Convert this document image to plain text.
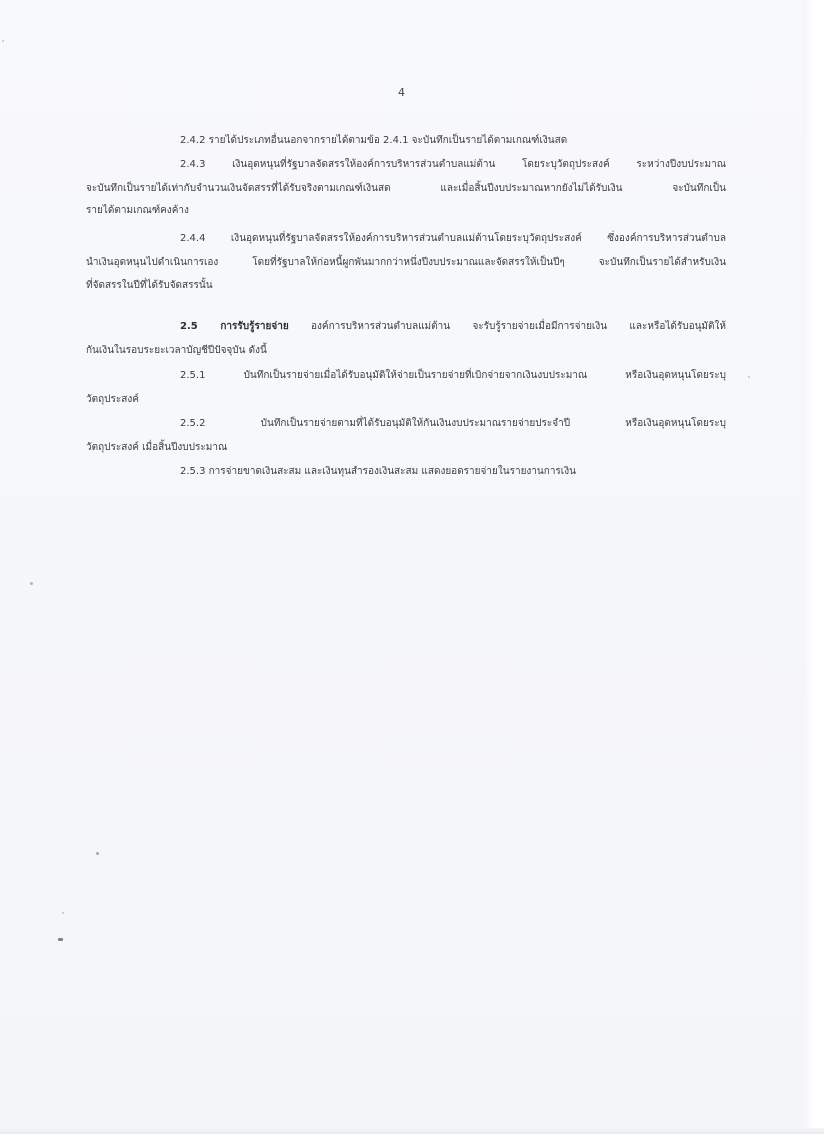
4
2.4.2 รายได้ประเภทอื่นนอกจากรายได้ตามข้อ 2.4.1 จะบันทึกเป็นรายได้ตามเกณฑ์เงินสด
2.4.3 เงินอุดหนุนที่รัฐบาลจัดสรรให้องค์การบริหารส่วนตำบลแม่ต้าน โดยระบุวัตถุประสงค์ ระหว่างปีงบประมาณ
จะบันทึกเป็นรายได้เท่ากับจำนวนเงินจัดสรรที่ได้รับจริงตามเกณฑ์เงินสด และเมื่อสิ้นปีงบประมาณหากยังไม่ได้รับเงิน จะบันทึกเป็น
รายได้ตามเกณฑ์คงค้าง
2.4.4 เงินอุดหนุนที่รัฐบาลจัดสรรให้องค์การบริหารส่วนตำบลแม่ต้านโดยระบุวัตถุประสงค์ ซึ่งองค์การบริหารส่วนตำบล
นำเงินอุดหนุนไปดำเนินการเอง โดยที่รัฐบาลให้ก่อหนี้ผูกพันมากกว่าหนึ่งปีงบประมาณและจัดสรรให้เป็นปีๆ จะบันทึกเป็นรายได้สำหรับเงิน
ที่จัดสรรในปีที่ได้รับจัดสรรนั้น
2.5 การรับรู้รายจ่าย องค์การบริหารส่วนตำบลแม่ต้าน จะรับรู้รายจ่ายเมื่อมีการจ่ายเงิน และหรือได้รับอนุมัติให้
กันเงินในรอบระยะเวลาบัญชีปีปัจจุบัน ดังนี้
2.5.1 บันทึกเป็นรายจ่ายเมื่อได้รับอนุมัติให้จ่ายเป็นรายจ่ายที่เบิกจ่ายจากเงินงบประมาณ หรือเงินอุดหนุนโดยระบุ
วัตถุประสงค์
2.5.2 บันทึกเป็นรายจ่ายตามที่ได้รับอนุมัติให้กันเงินงบประมาณรายจ่ายประจำปี หรือเงินอุดหนุนโดยระบุ
วัตถุประสงค์ เมื่อสิ้นปีงบประมาณ
2.5.3 การจ่ายขาดเงินสะสม และเงินทุนสำรองเงินสะสม แสดงยอดรายจ่ายในรายงานการเงิน
